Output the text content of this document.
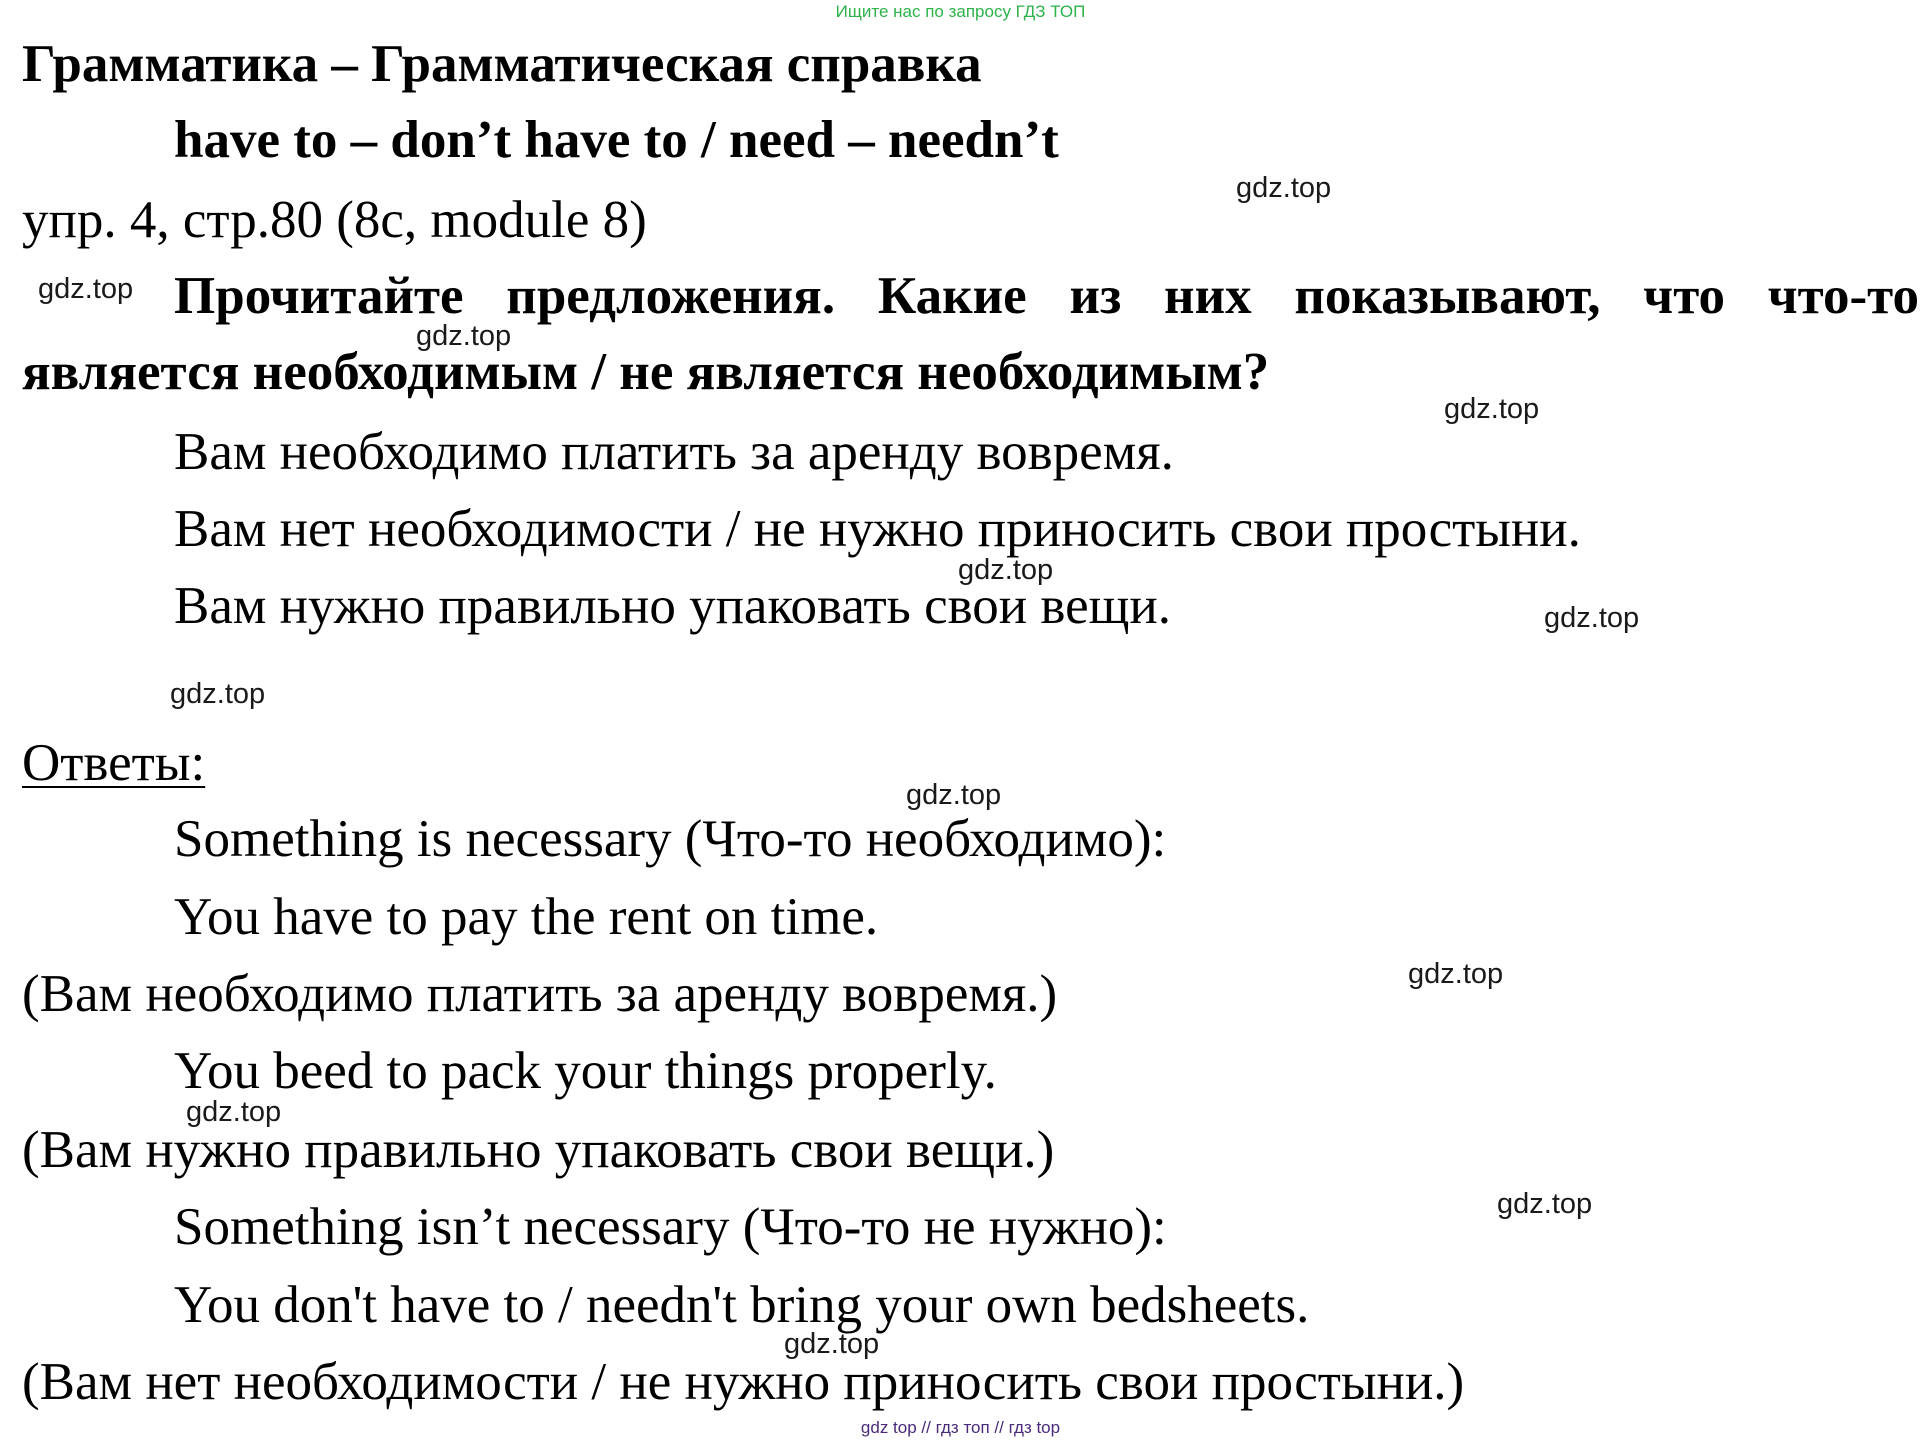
Ищите нас по запросу ГДЗ ТОП
Грамматика – Грамматическая справка
have to – don’t have to / need – needn’t
упр. 4, стр.80 (8c, module 8)
Прочитайте предложения. Какие из них показывают, что что-то
является необходимым / не является необходимым?
Вам необходимо платить за аренду вовремя.
Вам нет необходимости / не нужно приносить свои простыни.
Вам нужно правильно упаковать свои вещи.
Ответы:
Something is necessary (Что-то необходимо):
You have to pay the rent on time.
(Вам необходимо платить за аренду вовремя.)
You beed to pack your things properly.
(Вам нужно правильно упаковать свои вещи.)
Something isn’t necessary (Что-то не нужно):
You don't have to / needn't bring your own bedsheets.
(Вам нет необходимости / не нужно приносить свои простыни.)
gdz.top
gdz.top
gdz.top
gdz.top
gdz.top
gdz.top
gdz.top
gdz.top
gdz.top
gdz.top
gdz.top
gdz.top
gdz top // гдз топ // гдз top
